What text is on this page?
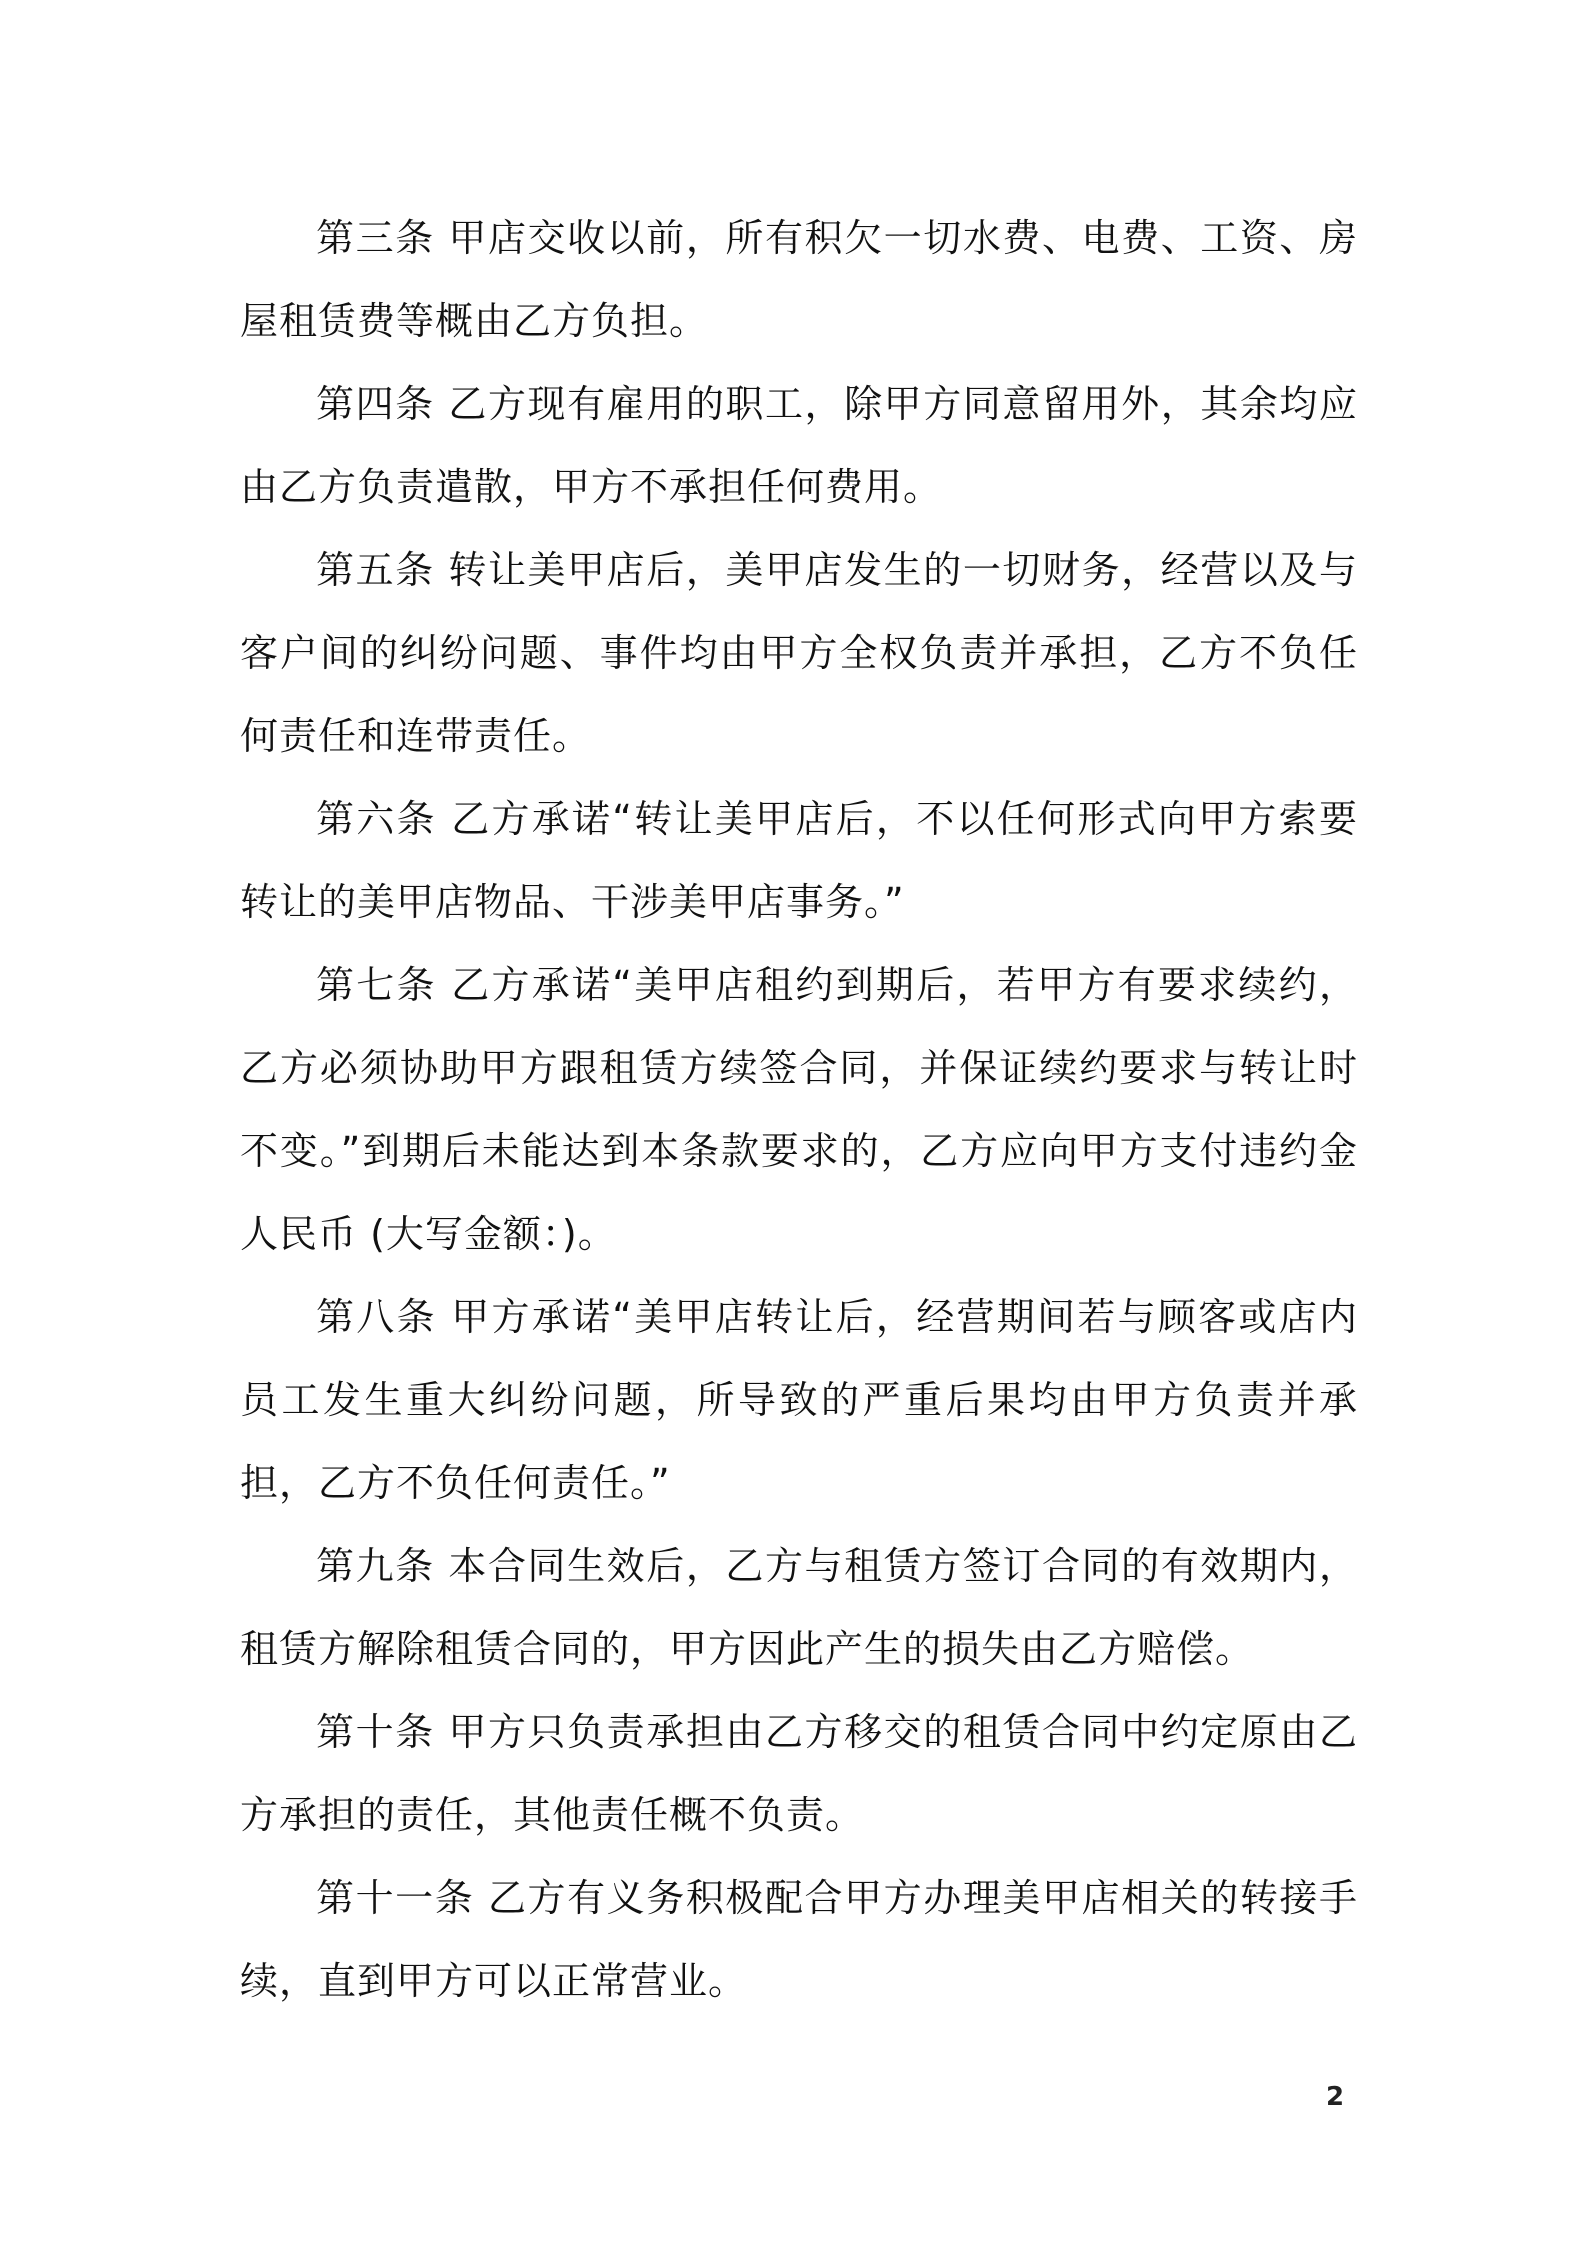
第三条 甲店交收以前，所有积欠一切水费、电费、工资、房屋租赁费等概由乙方负担。

第四条 乙方现有雇用的职工，除甲方同意留用外，其余均应由乙方负责遣散，甲方不承担任何费用。

第五条 转让美甲店后，美甲店发生的一切财务，经营以及与客户间的纠纷问题、事件均由甲方全权负责并承担，乙方不负任何责任和连带责任。

第六条 乙方承诺“转让美甲店后，不以任何形式向甲方索要转让的美甲店物品、干涉美甲店事务。”

第七条 乙方承诺“美甲店租约到期后，若甲方有要求续约，乙方必须协助甲方跟租赁方续签合同，并保证续约要求与转让时不变。”到期后未能达到本条款要求的，乙方应向甲方支付违约金人民币 (大写金额：)。

第八条 甲方承诺“美甲店转让后，经营期间若与顾客或店内员工发生重大纠纷问题，所导致的严重后果均由甲方负责并承担，乙方不负任何责任。”

第九条 本合同生效后，乙方与租赁方签订合同的有效期内，租赁方解除租赁合同的，甲方因此产生的损失由乙方赔偿。

第十条 甲方只负责承担由乙方移交的租赁合同中约定原由乙方承担的责任，其他责任概不负责。

第十一条 乙方有义务积极配合甲方办理美甲店相关的转接手续，直到甲方可以正常营业。

2
